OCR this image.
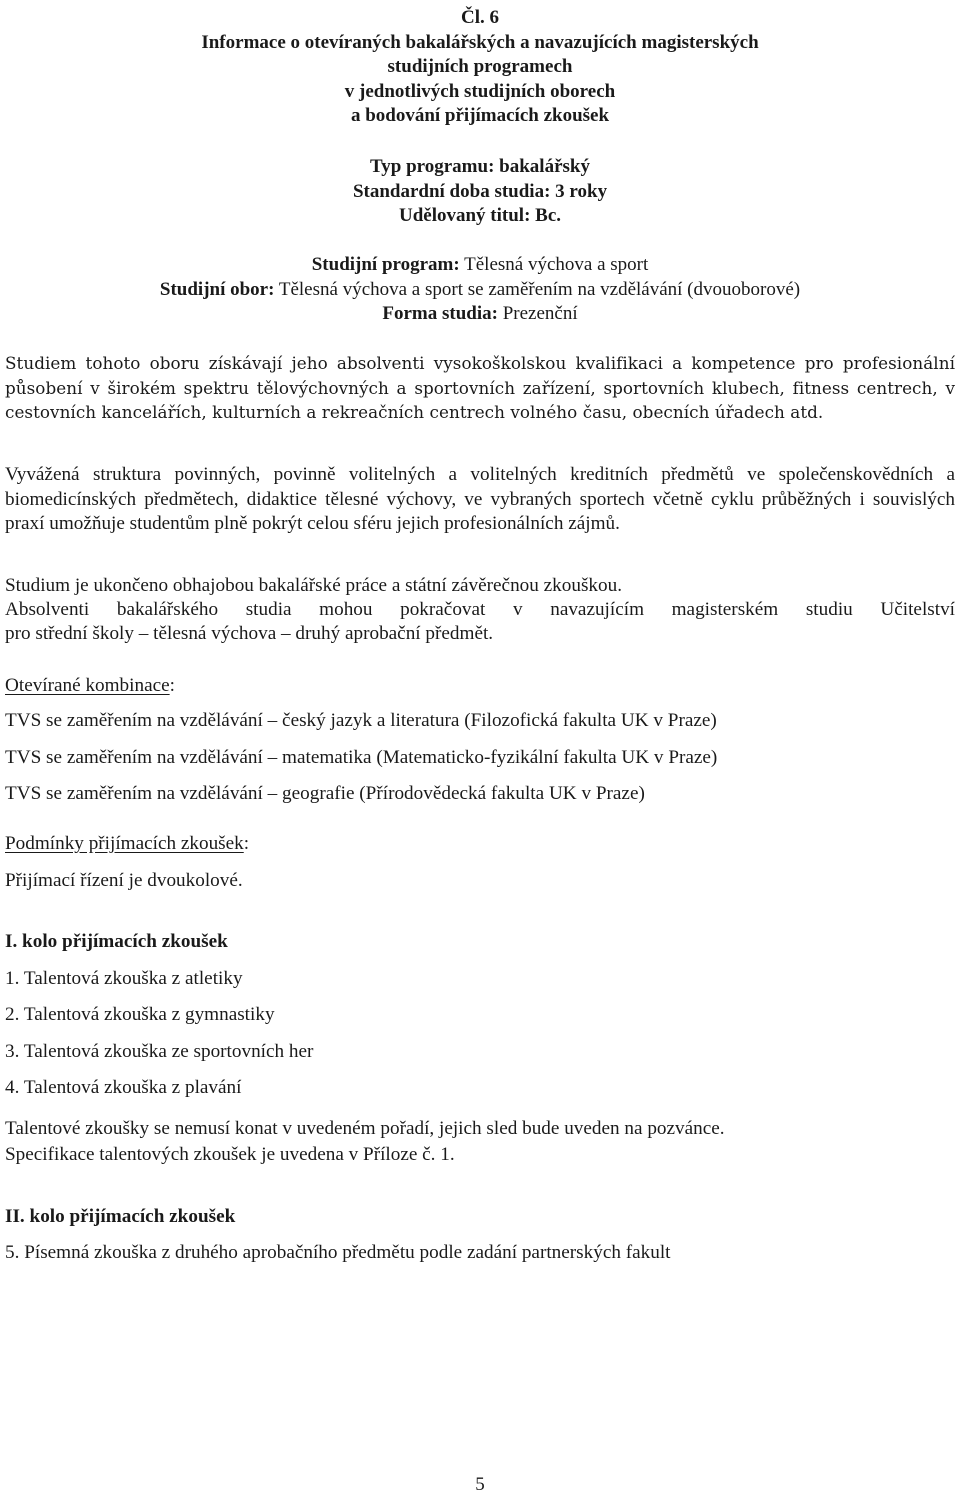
Čl. 6
Informace o otevíraných bakalářských a navazujících magisterských
studijních programech
v jednotlivých studijních oborech
a bodování přijímacích zkoušek
Typ programu: bakalářský
Standardní doba studia: 3 roky
Udělovaný titul: Bc.
Studijní program: Tělesná výchova a sport
Studijní obor: Tělesná výchova a sport se zaměřením na vzdělávání (dvouoborové)
Forma studia: Prezenční
Studiem tohoto oboru získávají jeho absolventi vysokoškolskou kvalifikaci a kompetence pro profesionální působení v širokém spektru tělovýchovných a sportovních zařízení, sportovních klubech, fitness centrech, v cestovních kancelářích, kulturních a rekreačních centrech volného času, obecních úřadech atd.
Vyvážená struktura povinných, povinně volitelných a volitelných kreditních předmětů ve společenskovědních a biomedicínských předmětech, didaktice tělesné výchovy, ve vybraných sportech včetně cyklu průběžných i souvislých praxí umožňuje studentům plně pokrýt celou sféru jejich profesionálních zájmů.
Studium je ukončeno obhajobou bakalářské práce a státní závěrečnou zkouškou.
Absolventi bakalářského studia mohou pokračovat v navazujícím magisterském studiu Učitelství
pro střední školy – tělesná výchova – druhý aprobační předmět.
Otevírané kombinace:
TVS se zaměřením na vzdělávání – český jazyk a literatura (Filozofická fakulta UK v Praze)
TVS se zaměřením na vzdělávání – matematika (Matematicko-fyzikální fakulta UK v Praze)
TVS se zaměřením na vzdělávání – geografie (Přírodovědecká fakulta UK v Praze)
Podmínky přijímacích zkoušek:
Přijímací řízení je dvoukolové.
I. kolo přijímacích zkoušek
1. Talentová zkouška z atletiky
2. Talentová zkouška z gymnastiky
3. Talentová zkouška ze sportovních her
4. Talentová zkouška z plavání
Talentové zkoušky se nemusí konat v uvedeném pořadí, jejich sled bude uveden na pozvánce.
Specifikace talentových zkoušek je uvedena v Příloze č. 1.
II. kolo přijímacích zkoušek
5. Písemná zkouška z druhého aprobačního předmětu podle zadání partnerských fakult
5
